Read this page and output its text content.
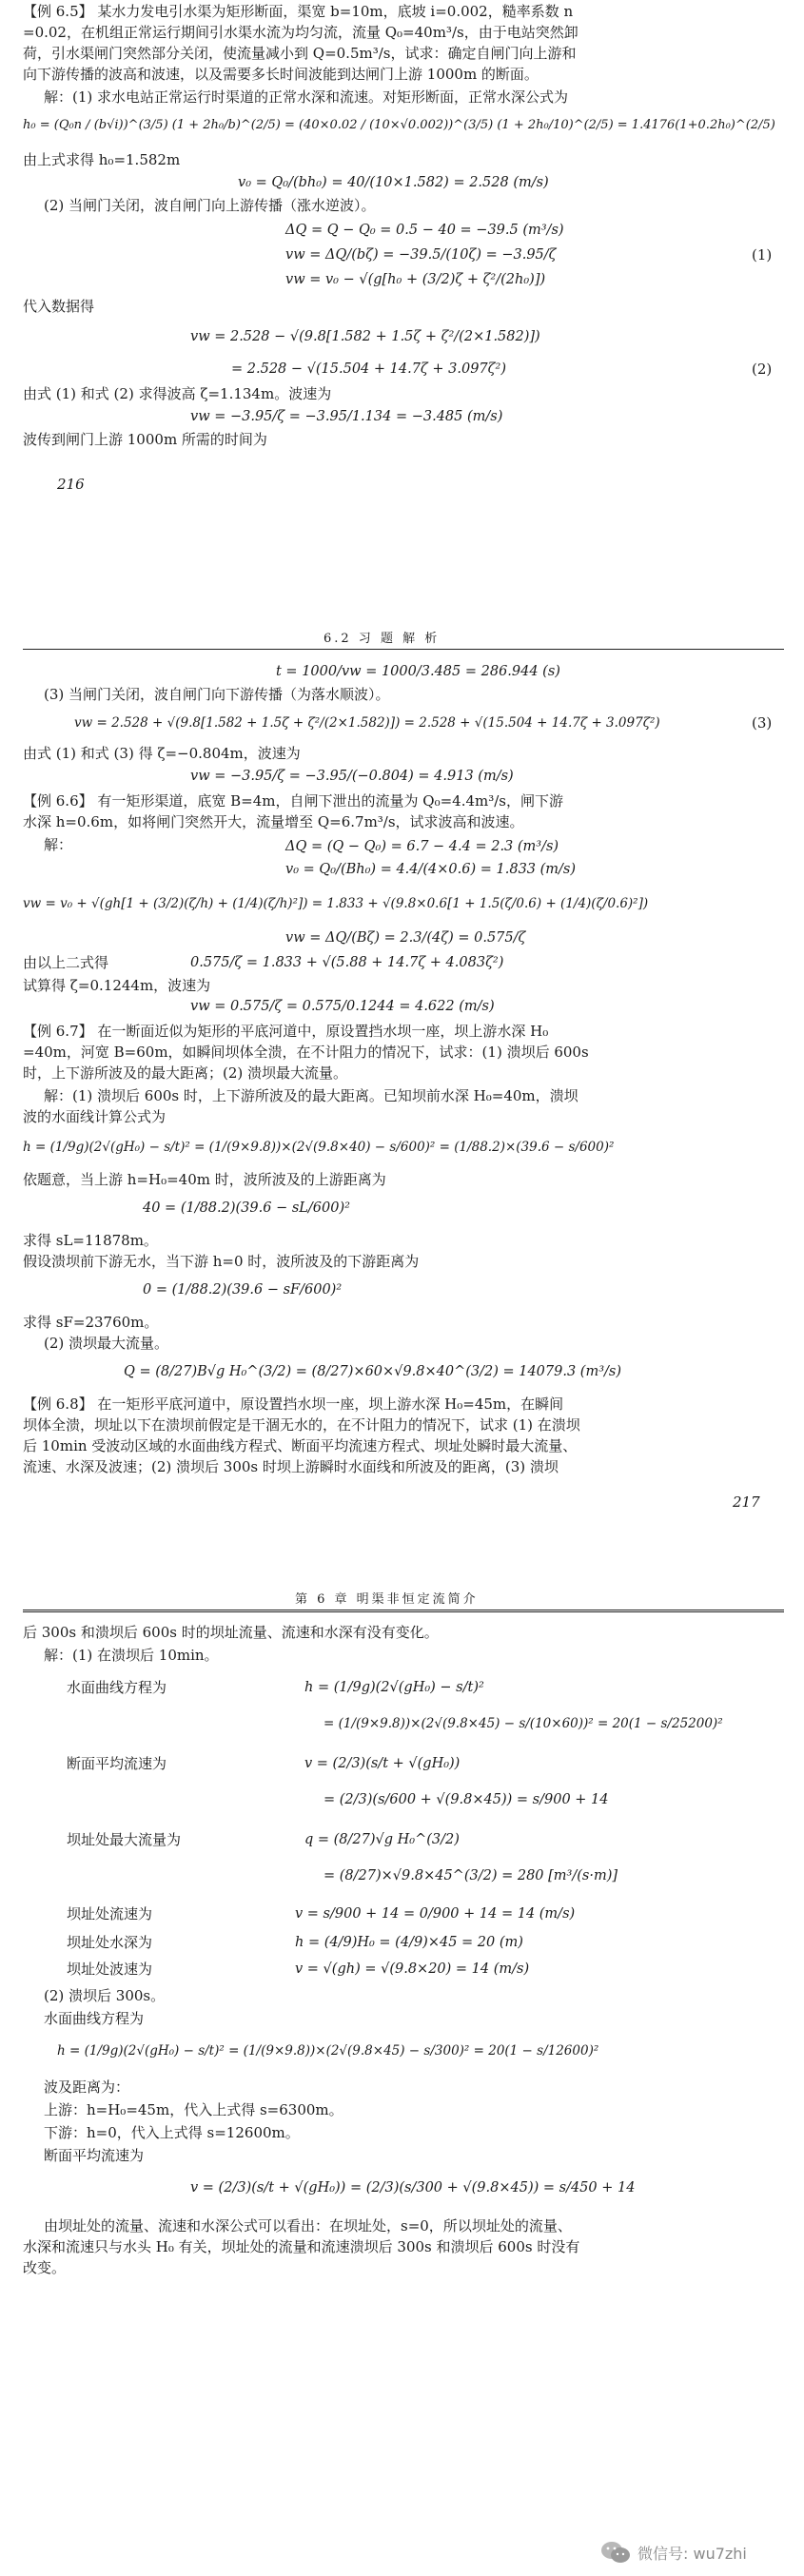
【例 6.5】 某水力发电引水渠为矩形断面，渠宽 b=10m，底坡 i=0.002，糙率系数 n
=0.02，在机组正常运行期间引水渠水流为均匀流，流量 Q₀=40m³/s，由于电站突然卸
荷，引水渠闸门突然部分关闭，使流量减小到 Q=0.5m³/s，试求：确定自闸门向上游和
向下游传播的波高和波速，以及需要多长时间波能到达闸门上游 1000m 的断面。
解：(1) 求水电站正常运行时渠道的正常水深和流速。对矩形断面，正常水深公式为
h₀ = (Q₀n / (b√i))^(3/5) (1 + 2h₀/b)^(2/5) = (40×0.02 / (10×√0.002))^(3/5) (1 + 2h₀/10)^(2/5) = 1.4176(1+0.2h₀)^(2/5)
由上式求得 h₀=1.582m
v₀ = Q₀/(bh₀) = 40/(10×1.582) = 2.528 (m/s)
(2) 当闸门关闭，波自闸门向上游传播（涨水逆波）。
ΔQ = Q − Q₀ = 0.5 − 40 = −39.5 (m³/s)
vw = ΔQ/(bζ) = −39.5/(10ζ) = −3.95/ζ	(1)
vw = v₀ − √(g[h₀ + (3/2)ζ + ζ²/(2h₀)])
代入数据得
vw = 2.528 − √(9.8[1.582 + 1.5ζ + ζ²/(2×1.582)])
= 2.528 − √(15.504 + 14.7ζ + 3.097ζ²)	(2)
由式 (1) 和式 (2) 求得波高 ζ=1.134m。波速为
vw = −3.95/ζ = −3.95/1.134 = −3.485 (m/s)
波传到闸门上游 1000m 所需的时间为
216
6.2 习 题 解 析
t = 1000/vw = 1000/3.485 = 286.944 (s)
(3) 当闸门关闭，波自闸门向下游传播（为落水顺波）。
vw = 2.528 + √(9.8[1.582 + 1.5ζ + ζ²/(2×1.582)]) = 2.528 + √(15.504 + 14.7ζ + 3.097ζ²)	(3)
由式 (1) 和式 (3) 得 ζ=−0.804m，波速为
vw = −3.95/ζ = −3.95/(−0.804) = 4.913 (m/s)
【例 6.6】 有一矩形渠道，底宽 B=4m，自闸下泄出的流量为 Q₀=4.4m³/s，闸下游
水深 h=0.6m，如将闸门突然开大，流量增至 Q=6.7m³/s，试求波高和波速。
解：	ΔQ = (Q − Q₀) = 6.7 − 4.4 = 2.3 (m³/s)
v₀ = Q₀/(Bh₀) = 4.4/(4×0.6) = 1.833 (m/s)
vw = v₀ + √(gh[1 + (3/2)(ζ/h) + (1/4)(ζ/h)²]) = 1.833 + √(9.8×0.6[1 + 1.5(ζ/0.6) + (1/4)(ζ/0.6)²])
vw = ΔQ/(Bζ) = 2.3/(4ζ) = 0.575/ζ
由以上二式得	0.575/ζ = 1.833 + √(5.88 + 14.7ζ + 4.083ζ²)
试算得 ζ=0.1244m，波速为
vw = 0.575/ζ = 0.575/0.1244 = 4.622 (m/s)
【例 6.7】 在一断面近似为矩形的平底河道中，原设置挡水坝一座，坝上游水深 H₀
=40m，河宽 B=60m，如瞬间坝体全溃，在不计阻力的情况下，试求：(1) 溃坝后 600s
时，上下游所波及的最大距离；(2) 溃坝最大流量。
解：(1) 溃坝后 600s 时，上下游所波及的最大距离。已知坝前水深 H₀=40m，溃坝
波的水面线计算公式为
h = (1/9g)(2√(gH₀) − s/t)² = (1/(9×9.8))×(2√(9.8×40) − s/600)² = (1/88.2)×(39.6 − s/600)²
依题意，当上游 h=H₀=40m 时，波所波及的上游距离为
40 = (1/88.2)(39.6 − sL/600)²
求得 sL=11878m。
假设溃坝前下游无水，当下游 h=0 时，波所波及的下游距离为
0 = (1/88.2)(39.6 − sF/600)²
求得 sF=23760m。
(2) 溃坝最大流量。
Q = (8/27)B√g H₀^(3/2) = (8/27)×60×√9.8×40^(3/2) = 14079.3 (m³/s)
【例 6.8】 在一矩形平底河道中，原设置挡水坝一座，坝上游水深 H₀=45m，在瞬间
坝体全溃，坝址以下在溃坝前假定是干涸无水的，在不计阻力的情况下，试求 (1) 在溃坝
后 10min 受波动区域的水面曲线方程式、断面平均流速方程式、坝址处瞬时最大流量、
流速、水深及波速；(2) 溃坝后 300s 时坝上游瞬时水面线和所波及的距离，(3) 溃坝
217
第 6 章 明渠非恒定流简介
后 300s 和溃坝后 600s 时的坝址流量、流速和水深有没有变化。
解：(1) 在溃坝后 10min。
水面曲线方程为	h = (1/9g)(2√(gH₀) − s/t)²
= (1/(9×9.8))×(2√(9.8×45) − s/(10×60))² = 20(1 − s/25200)²
断面平均流速为	v = (2/3)(s/t + √(gH₀))
= (2/3)(s/600 + √(9.8×45)) = s/900 + 14
坝址处最大流量为	q = (8/27)√g H₀^(3/2)
= (8/27)×√9.8×45^(3/2) = 280 [m³/(s·m)]
坝址处流速为	v = s/900 + 14 = 0/900 + 14 = 14 (m/s)
坝址处水深为	h = (4/9)H₀ = (4/9)×45 = 20 (m)
坝址处波速为	v = √(gh) = √(9.8×20) = 14 (m/s)
(2) 溃坝后 300s。
水面曲线方程为
h = (1/9g)(2√(gH₀) − s/t)² = (1/(9×9.8))×(2√(9.8×45) − s/300)² = 20(1 − s/12600)²
波及距离为：
上游：h=H₀=45m，代入上式得 s=6300m。
下游：h=0，代入上式得 s=12600m。
断面平均流速为
v = (2/3)(s/t + √(gH₀)) = (2/3)(s/300 + √(9.8×45)) = s/450 + 14
由坝址处的流量、流速和水深公式可以看出：在坝址处，s=0，所以坝址处的流量、
水深和流速只与水头 H₀ 有关，坝址处的流量和流速溃坝后 300s 和溃坝后 600s 时没有
改变。
微信号: wu7zhi
